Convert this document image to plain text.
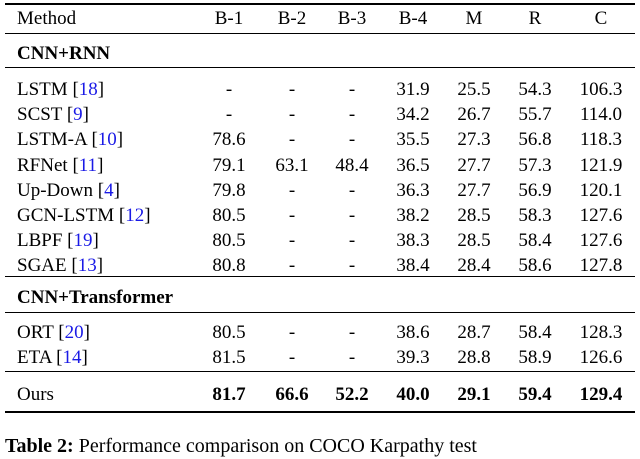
Method	B-1	B-2	B-3	B-4	M	R	C
CNN+RNN
LSTM [18]	-	-	-	31.9	25.5	54.3	106.3
SCST [9]	-	-	-	34.2	26.7	55.7	114.0
LSTM-A [10]	78.6	-	-	35.5	27.3	56.8	118.3
RFNet [11]	79.1	63.1	48.4	36.5	27.7	57.3	121.9
Up-Down [4]	79.8	-	-	36.3	27.7	56.9	120.1
GCN-LSTM [12]	80.5	-	-	38.2	28.5	58.3	127.6
LBPF [19]	80.5	-	-	38.3	28.5	58.4	127.6
SGAE [13]	80.8	-	-	38.4	28.4	58.6	127.8
CNN+Transformer
ORT [20]	80.5	-	-	38.6	28.7	58.4	128.3
ETA [14]	81.5	-	-	39.3	28.8	58.9	126.6
Ours	81.7	66.6	52.2	40.0	29.1	59.4	129.4
Table 2: Performance comparison on COCO Karpathy test
